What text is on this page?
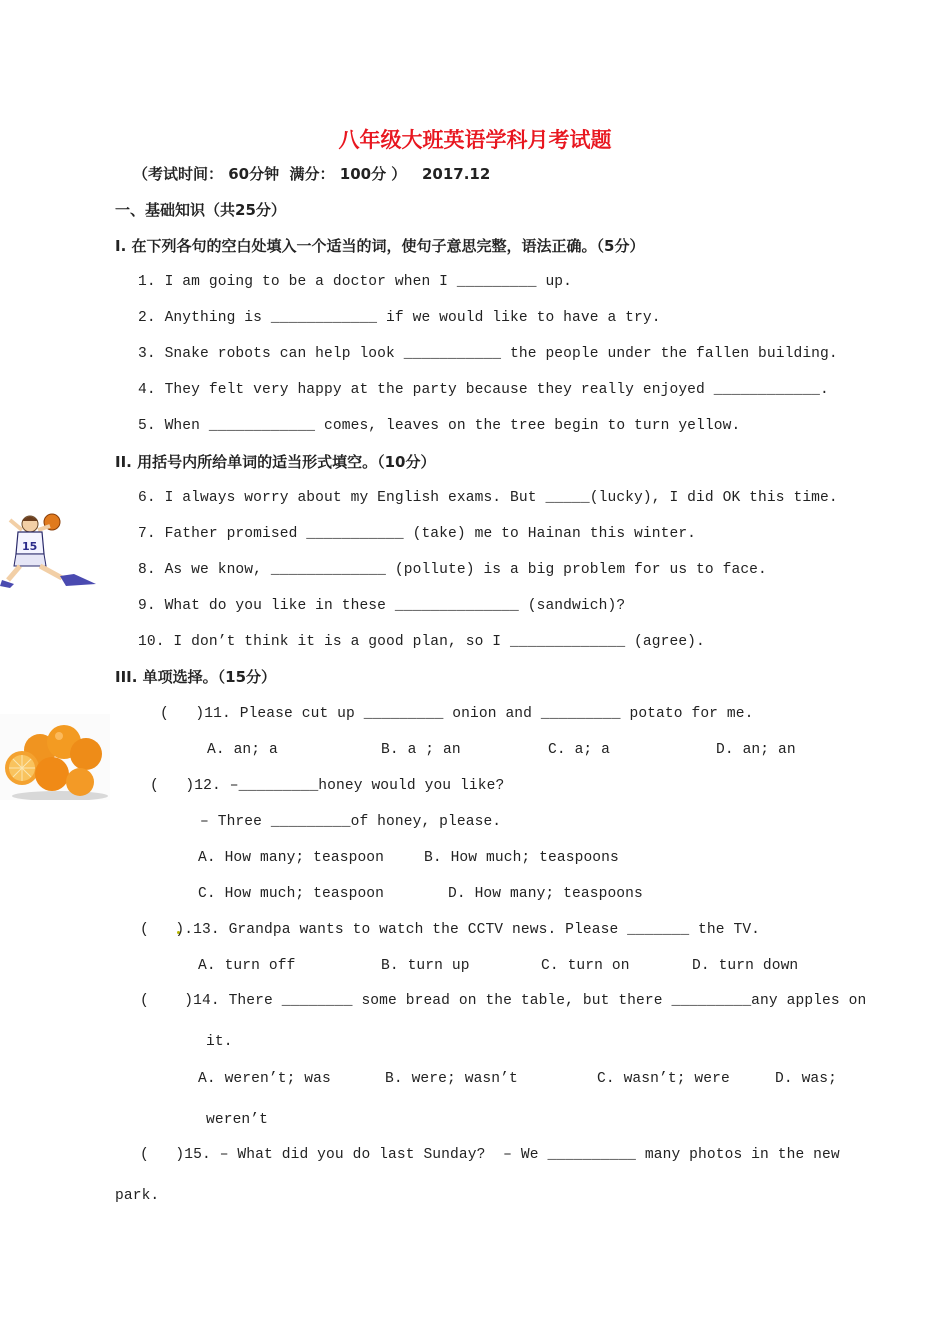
八年级大班英语学科月考试题
（考试时间： 60分钟  满分： 100分 ）   2017.12
一、基础知识（共25分）
I. 在下列各句的空白处填入一个适当的词，使句子意思完整，语法正确。（5分）
1. I am going to be a doctor when I _________ up.
2. Anything is ____________ if we would like to have a try.
3. Snake robots can help look ___________ the people under the fallen building.
4. They felt very happy at the party because they really enjoyed ____________.
5. When ____________ comes, leaves on the tree begin to turn yellow.
II. 用括号内所给单词的适当形式填空。（10分）
6. I always worry about my English exams. But _____(lucky), I did OK this time.
7. Father promised ___________ (take) me to Hainan this winter.
8. As we know, _____________ (pollute) is a big problem for us to face.
9. What do you like in these ______________ (sandwich)?
10. I don’t think it is a good plan, so I _____________ (agree).
III. 单项选择。（15分）
(   )11. Please cut up _________ onion and _________ potato for me.
A. an; a	B. a ; an	C. a; a	D. an; an
(   )12. –_________honey would you like?
– Three _________of honey, please.
A. How many; teaspoon	B. How much; teaspoons
C. How much; teaspoon	D. How many; teaspoons
(   ).13. Grandpa wants to watch the CCTV news. Please _______ the TV.
A. turn off	B. turn up	C. turn on	D. turn down
(    )14. There ________ some bread on the table, but there _________any apples on
it.
A. weren’t; was	B. were; wasn’t	C. wasn’t; were	D. was;
weren’t
(   )15. – What did you do last Sunday?  – We __________ many photos in the new
park.
15
